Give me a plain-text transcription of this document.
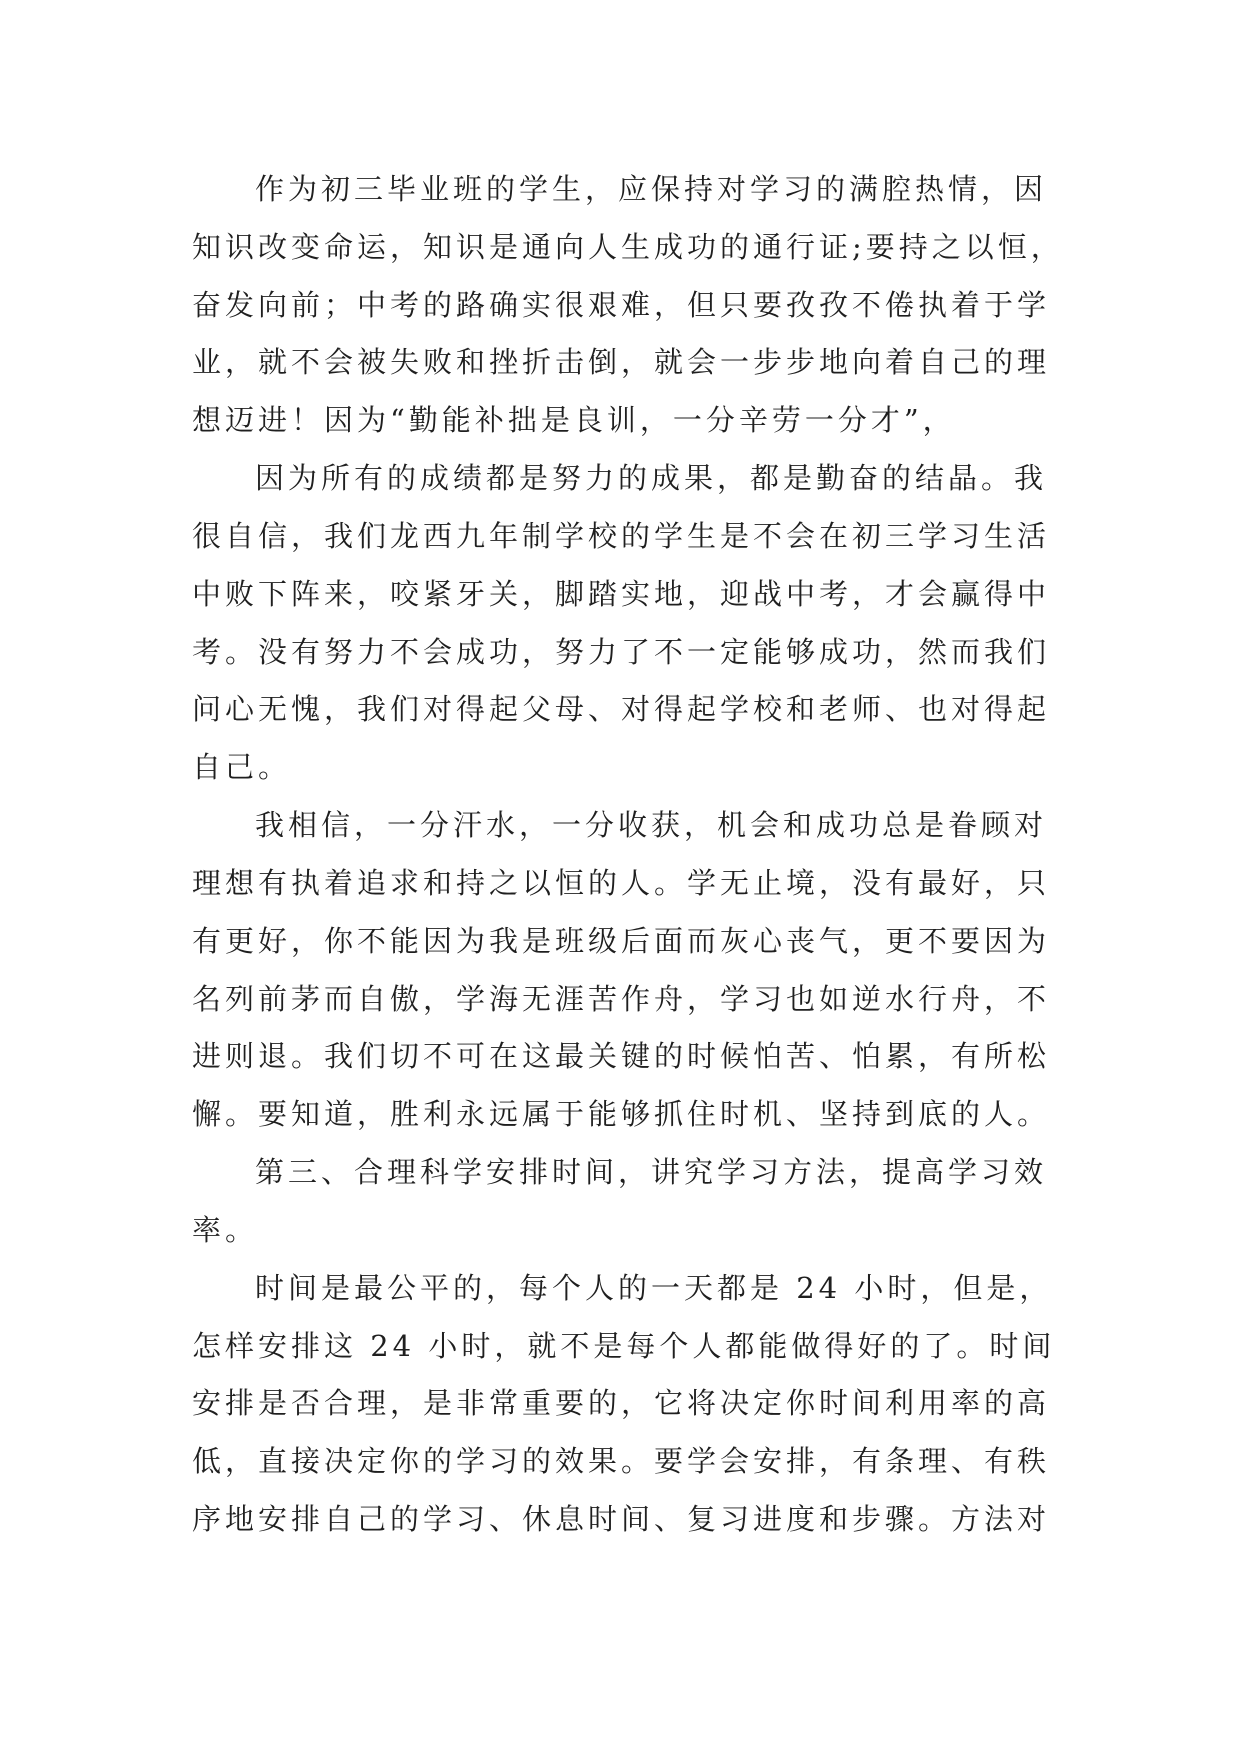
作为初三毕业班的学生，应保持对学习的满腔热情，因
知识改变命运，知识是通向人生成功的通行证;要持之以恒，
奋发向前；中考的路确实很艰难，但只要孜孜不倦执着于学
业，就不会被失败和挫折击倒，就会一步步地向着自己的理
想迈进！因为“勤能补拙是良训，一分辛劳一分才”，
因为所有的成绩都是努力的成果，都是勤奋的结晶。我
很自信，我们龙西九年制学校的学生是不会在初三学习生活
中败下阵来，咬紧牙关，脚踏实地，迎战中考，才会赢得中
考。没有努力不会成功，努力了不一定能够成功，然而我们
问心无愧，我们对得起父母、对得起学校和老师、也对得起
自己。
我相信，一分汗水，一分收获，机会和成功总是眷顾对
理想有执着追求和持之以恒的人。学无止境，没有最好，只
有更好，你不能因为我是班级后面而灰心丧气，更不要因为
名列前茅而自傲，学海无涯苦作舟，学习也如逆水行舟，不
进则退。我们切不可在这最关键的时候怕苦、怕累，有所松
懈。要知道，胜利永远属于能够抓住时机、坚持到底的人。
第三、合理科学安排时间，讲究学习方法，提高学习效
率。
时间是最公平的，每个人的一天都是 24 小时，但是，
怎样安排这 24 小时，就不是每个人都能做得好的了。时间
安排是否合理，是非常重要的，它将决定你时间利用率的高
低，直接决定你的学习的效果。要学会安排，有条理、有秩
序地安排自己的学习、休息时间、复习进度和步骤。方法对
